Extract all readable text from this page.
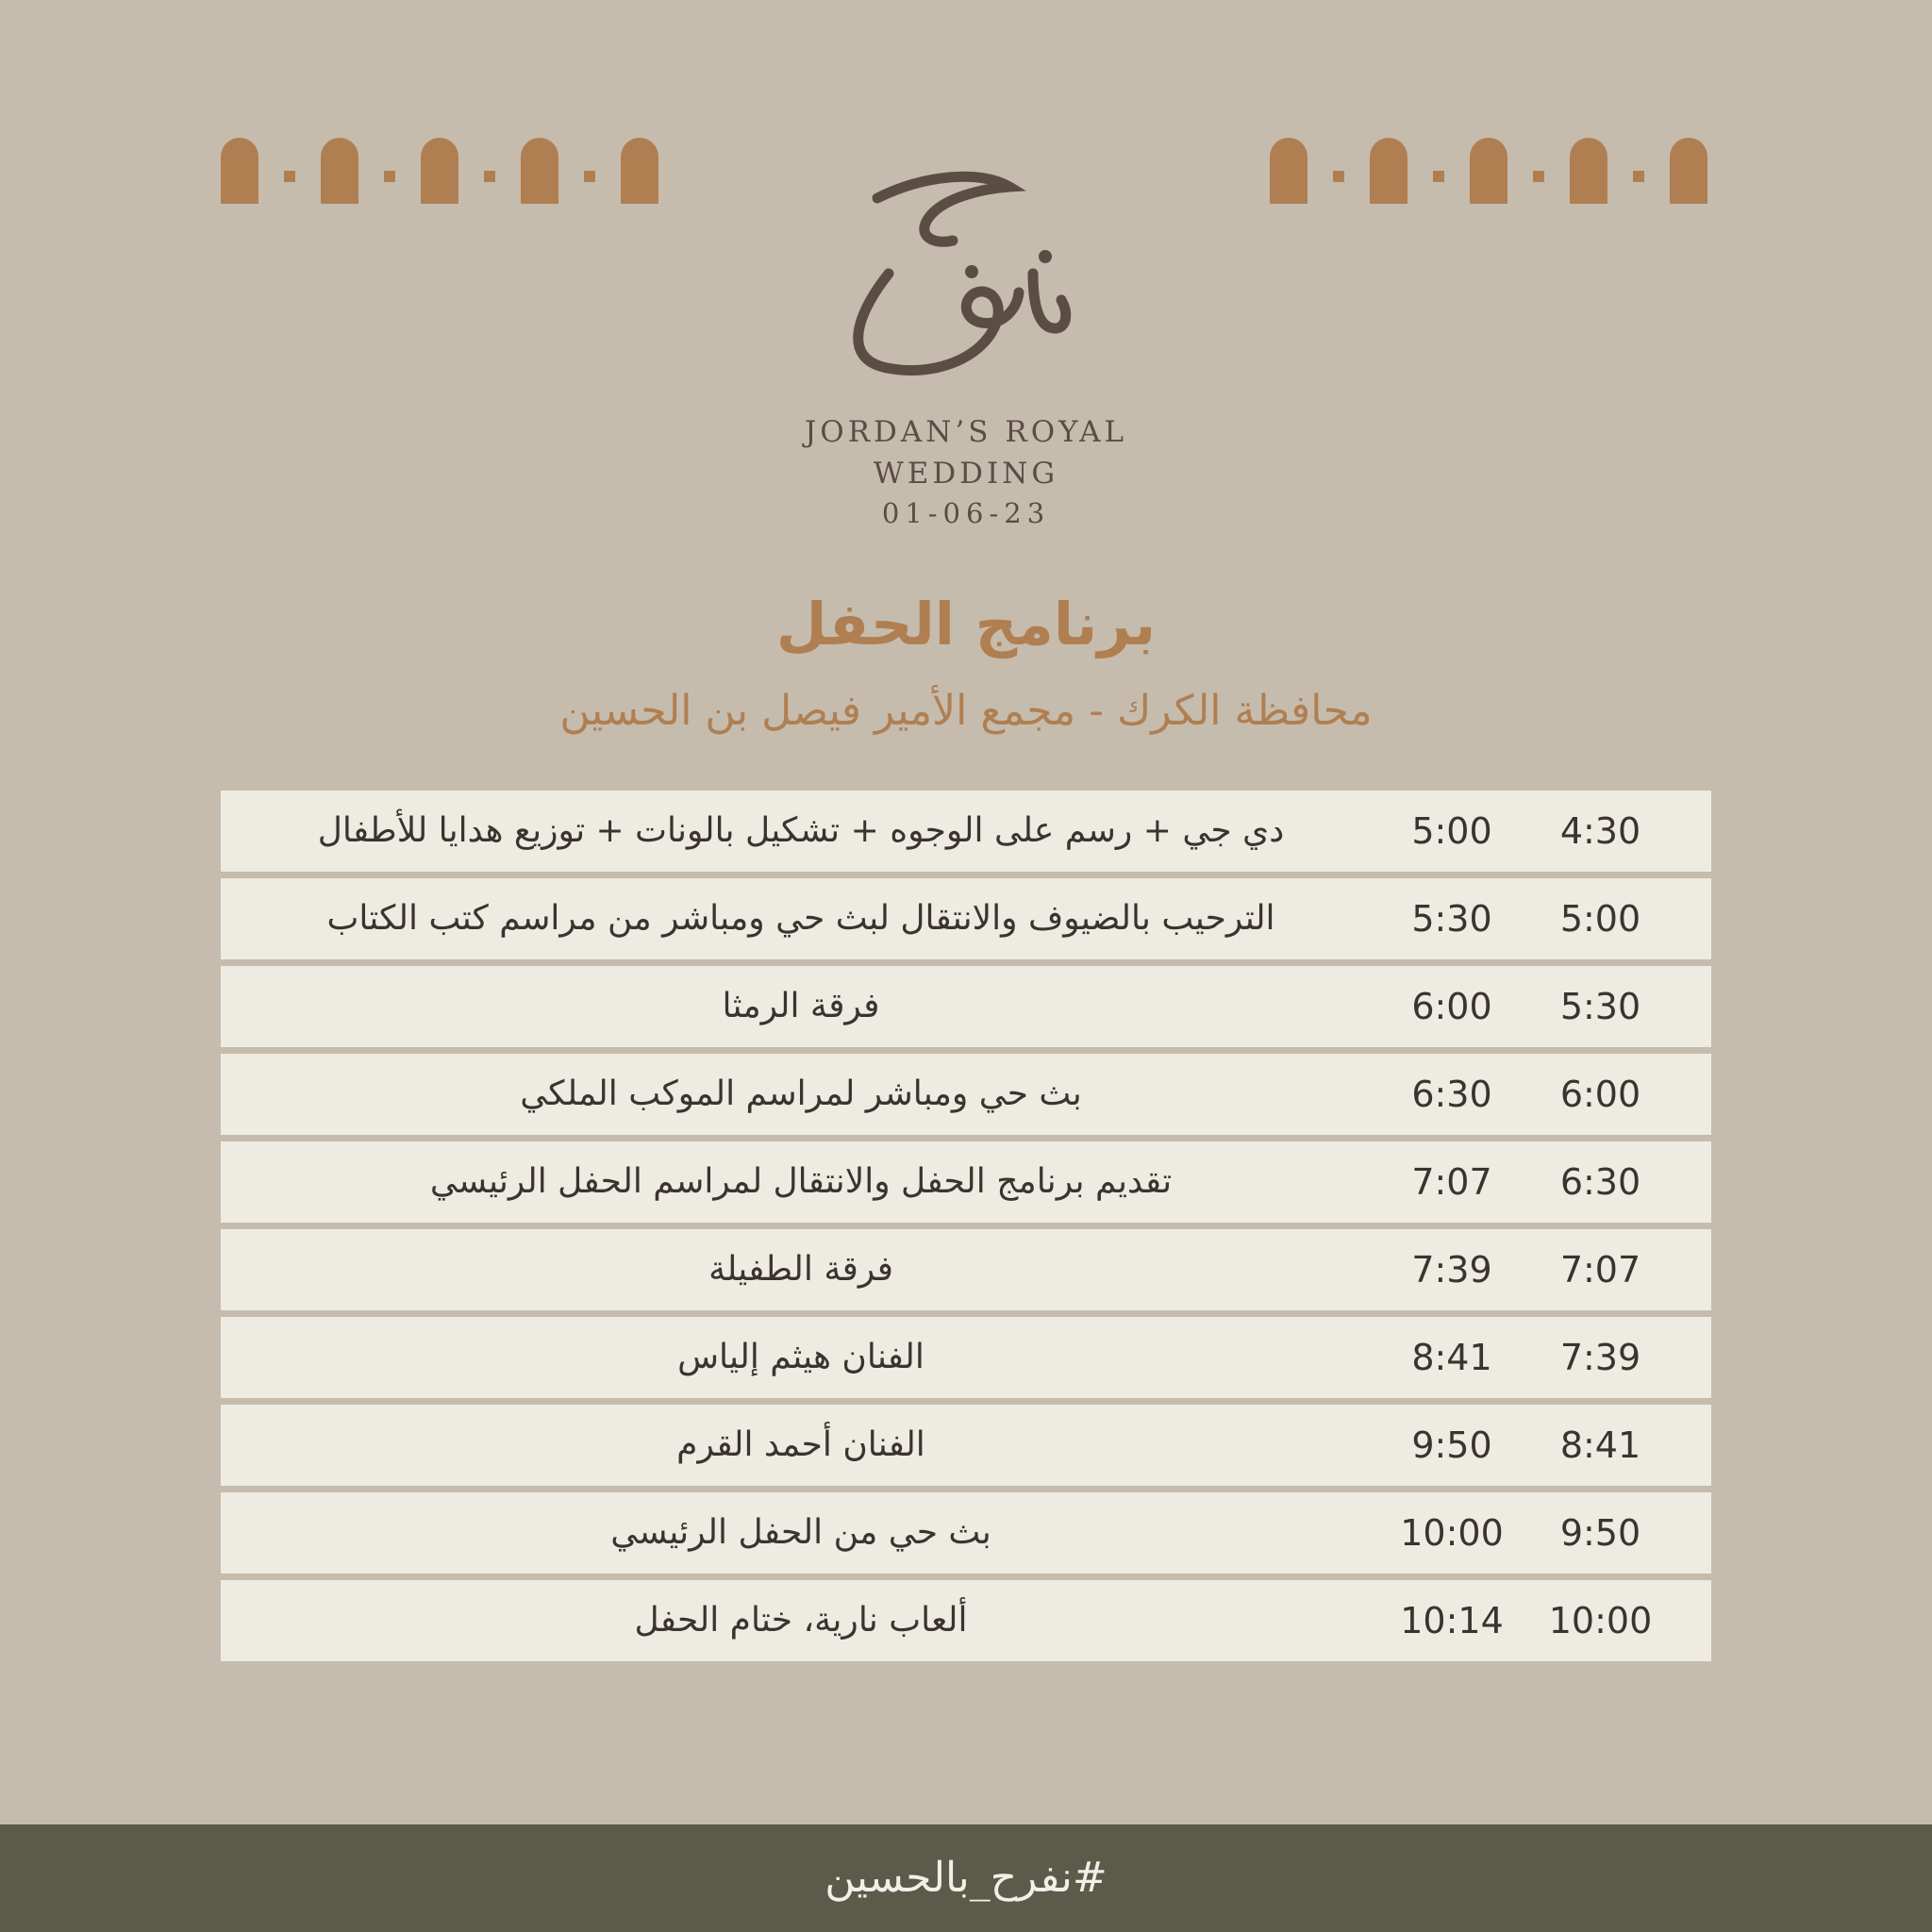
JORDAN’S ROYAL
WEDDING
01-06-23
برنامج الحفل
محافظة الكرك - مجمع الأمير فيصل بن الحسين
دي جي + رسم على الوجوه + تشكيل بالونات + توزيع هدايا للأطفال	5:00	4:30
الترحيب بالضيوف والانتقال لبث حي ومباشر من مراسم كتب الكتاب	5:30	5:00
فرقة الرمثا	6:00	5:30
بث حي ومباشر لمراسم الموكب الملكي	6:30	6:00
تقديم برنامج الحفل والانتقال لمراسم الحفل الرئيسي	7:07	6:30
فرقة الطفيلة	7:39	7:07
الفنان هيثم إلياس	8:41	7:39
الفنان أحمد القرم	9:50	8:41
بث حي من الحفل الرئيسي	10:00	9:50
ألعاب نارية، ختام الحفل	10:14	10:00
#نفرح_بالحسين
